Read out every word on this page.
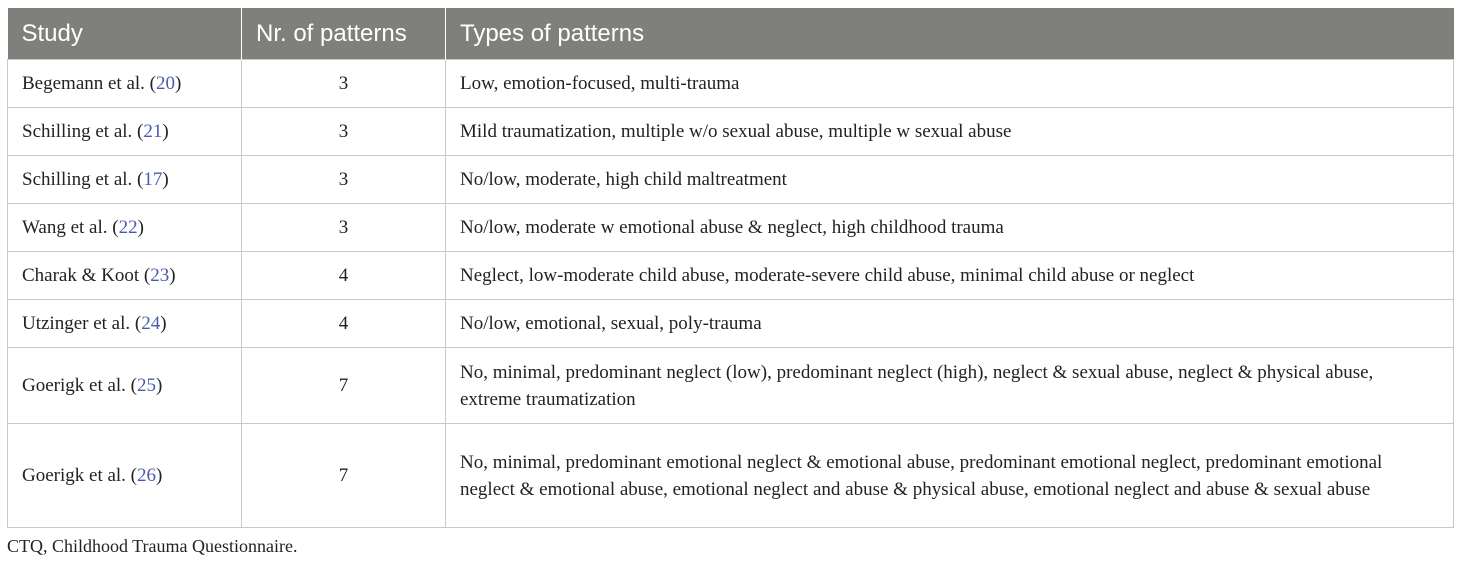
Study	Nr. of patterns	Types of patterns
Begemann et al. (20)	3	Low, emotion-focused, multi-trauma
Schilling et al. (21)	3	Mild traumatization, multiple w/o sexual abuse, multiple w sexual abuse
Schilling et al. (17)	3	No/low, moderate, high child maltreatment
Wang et al. (22)	3	No/low, moderate w emotional abuse & neglect, high childhood trauma
Charak & Koot (23)	4	Neglect, low-moderate child abuse, moderate-severe child abuse, minimal child abuse or neglect
Utzinger et al. (24)	4	No/low, emotional, sexual, poly-trauma
Goerigk et al. (25)	7	No, minimal, predominant neglect (low), predominant neglect (high), neglect & sexual abuse, neglect & physical abuse, extreme traumatization
Goerigk et al. (26)	7	No, minimal, predominant emotional neglect & emotional abuse, predominant emotional neglect, predominant emotional neglect & emotional abuse, emotional neglect and abuse & physical abuse, emotional neglect and abuse & sexual abuse
CTQ, Childhood Trauma Questionnaire.
